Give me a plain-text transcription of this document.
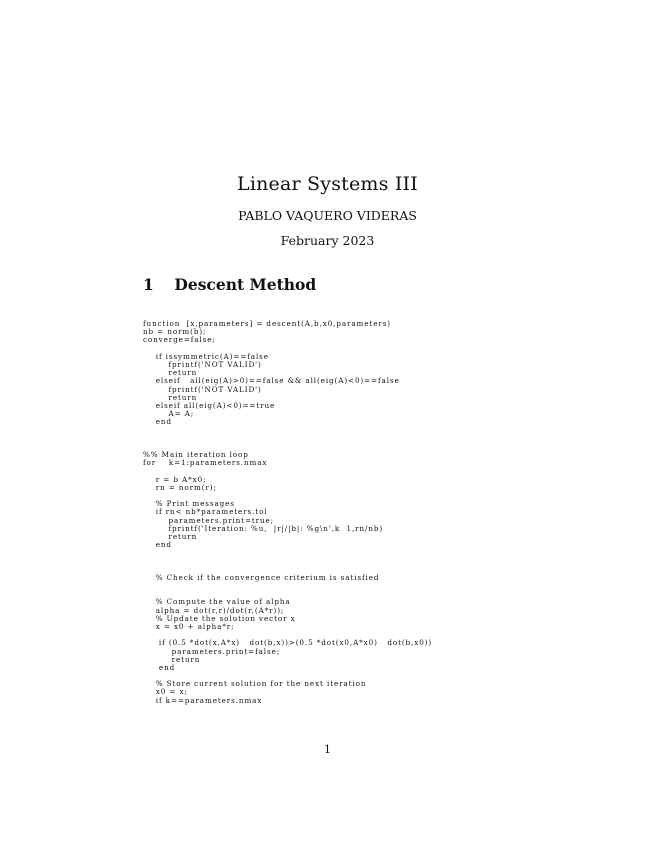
Linear Systems III
PABLO VAQUERO VIDERAS
February 2023
1 Descent Method
function  [x,parameters] = descent(A,b,x0,parameters)
nb = norm(b);
converge=false;
if issymmetric(A)==false
fprintf('NOT VALID')
return
elseif   all(eig(A)>0)==false && all(eig(A)<0)==false
fprintf('NOT VALID')
return
elseif all(eig(A)<0)==true
A= A;
end
%% Main iteration loop
for    k=1:parameters.nmax
r = b A*x0;
rn = norm(r);
% Print messages
if rn< nb*parameters.tol
parameters.print=true;
fprintf('Iteration: %u,  |r|/|b|: %g\n',k  1,rn/nb)
return
end
% Check if the convergence criterium is satisfied
% Compute the value of alpha
alpha = dot(r,r)/dot(r,(A*r));
% Update the solution vector x
x = x0 + alpha*r;
if (0.5 *dot(x,A*x)   dot(b,x))>(0.5 *dot(x0,A*x0)   dot(b,x0))
parameters.print=false;
return
end
% Store current solution for the next iteration
x0 = x;
if k==parameters.nmax
1
